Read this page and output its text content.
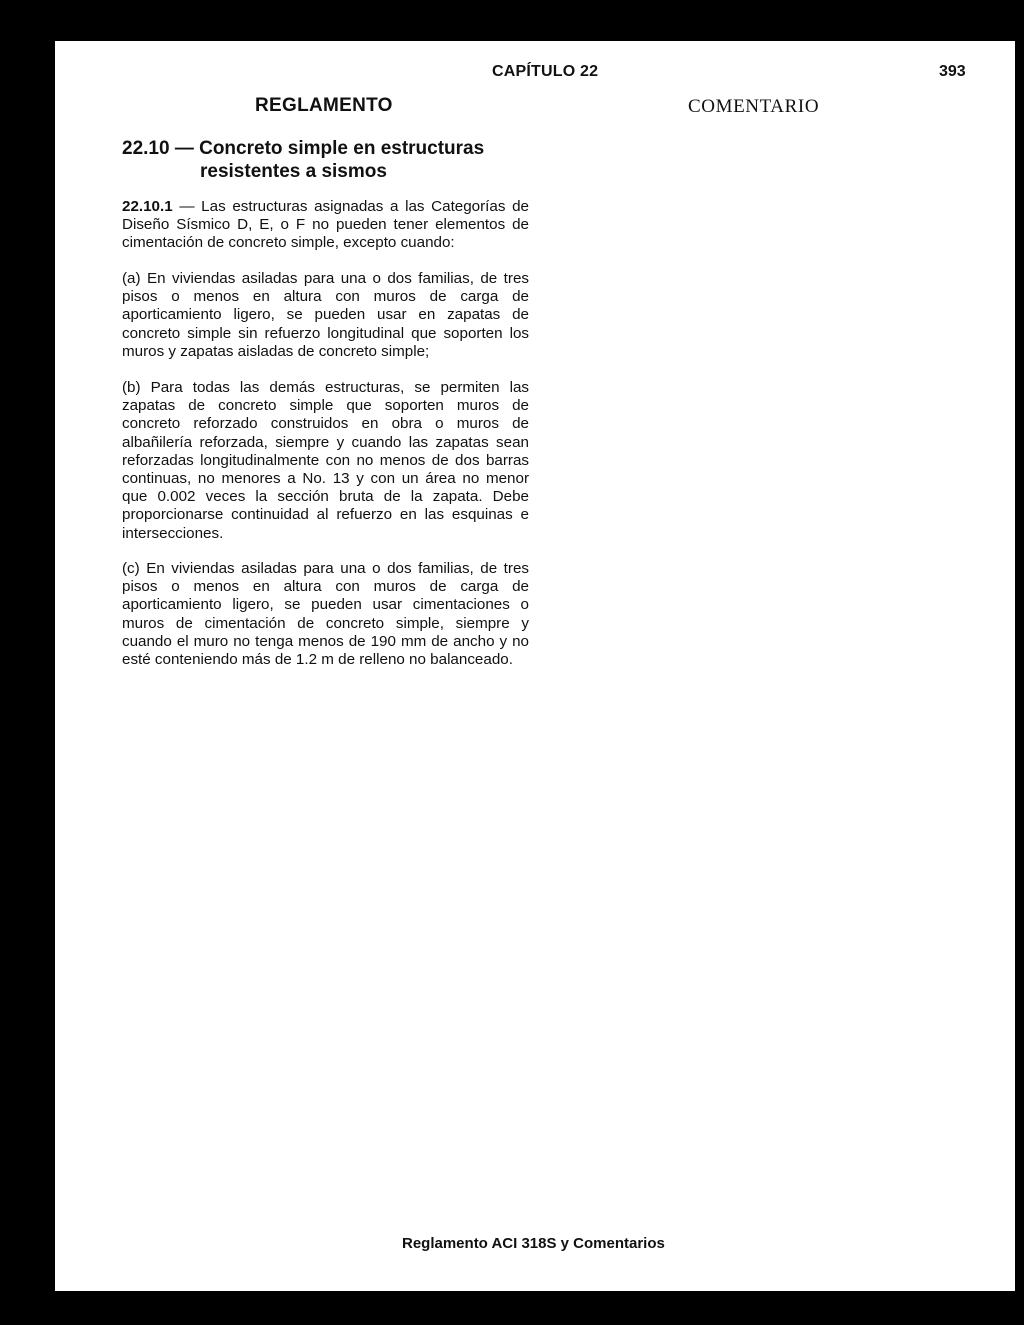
CAPÍTULO 22	393
REGLAMENTO	COMENTARIO
22.10 — Concreto simple en estructuras
resistentes a sismos
22.10.1 — Las estructuras asignadas a las Categorías de Diseño Sísmico D, E, o F no pueden tener elementos de cimentación de concreto simple, excepto cuando:

(a) En viviendas asiladas para una o dos familias, de tres pisos o menos en altura con muros de carga de aporticamiento ligero, se pueden usar en zapatas de concreto simple sin refuerzo longitudinal que soporten los muros y zapatas aisladas de concreto simple;

(b) Para todas las demás estructuras, se permiten las zapatas de concreto simple que soporten muros de concreto reforzado construidos en obra o muros de albañilería reforzada, siempre y cuando las zapatas sean reforzadas longitudinalmente con no menos de dos barras continuas, no menores a No. 13 y con un área no menor que 0.002 veces la sección bruta de la zapata. Debe proporcionarse continuidad al refuerzo en las esquinas e intersecciones.

(c) En viviendas asiladas para una o dos familias, de tres pisos o menos en altura con muros de carga de aporticamiento ligero, se pueden usar cimentaciones o muros de cimentación de concreto simple, siempre y cuando el muro no tenga menos de 190 mm de ancho y no esté conteniendo más de 1.2 m de relleno no balanceado.

Reglamento ACI 318S y Comentarios
